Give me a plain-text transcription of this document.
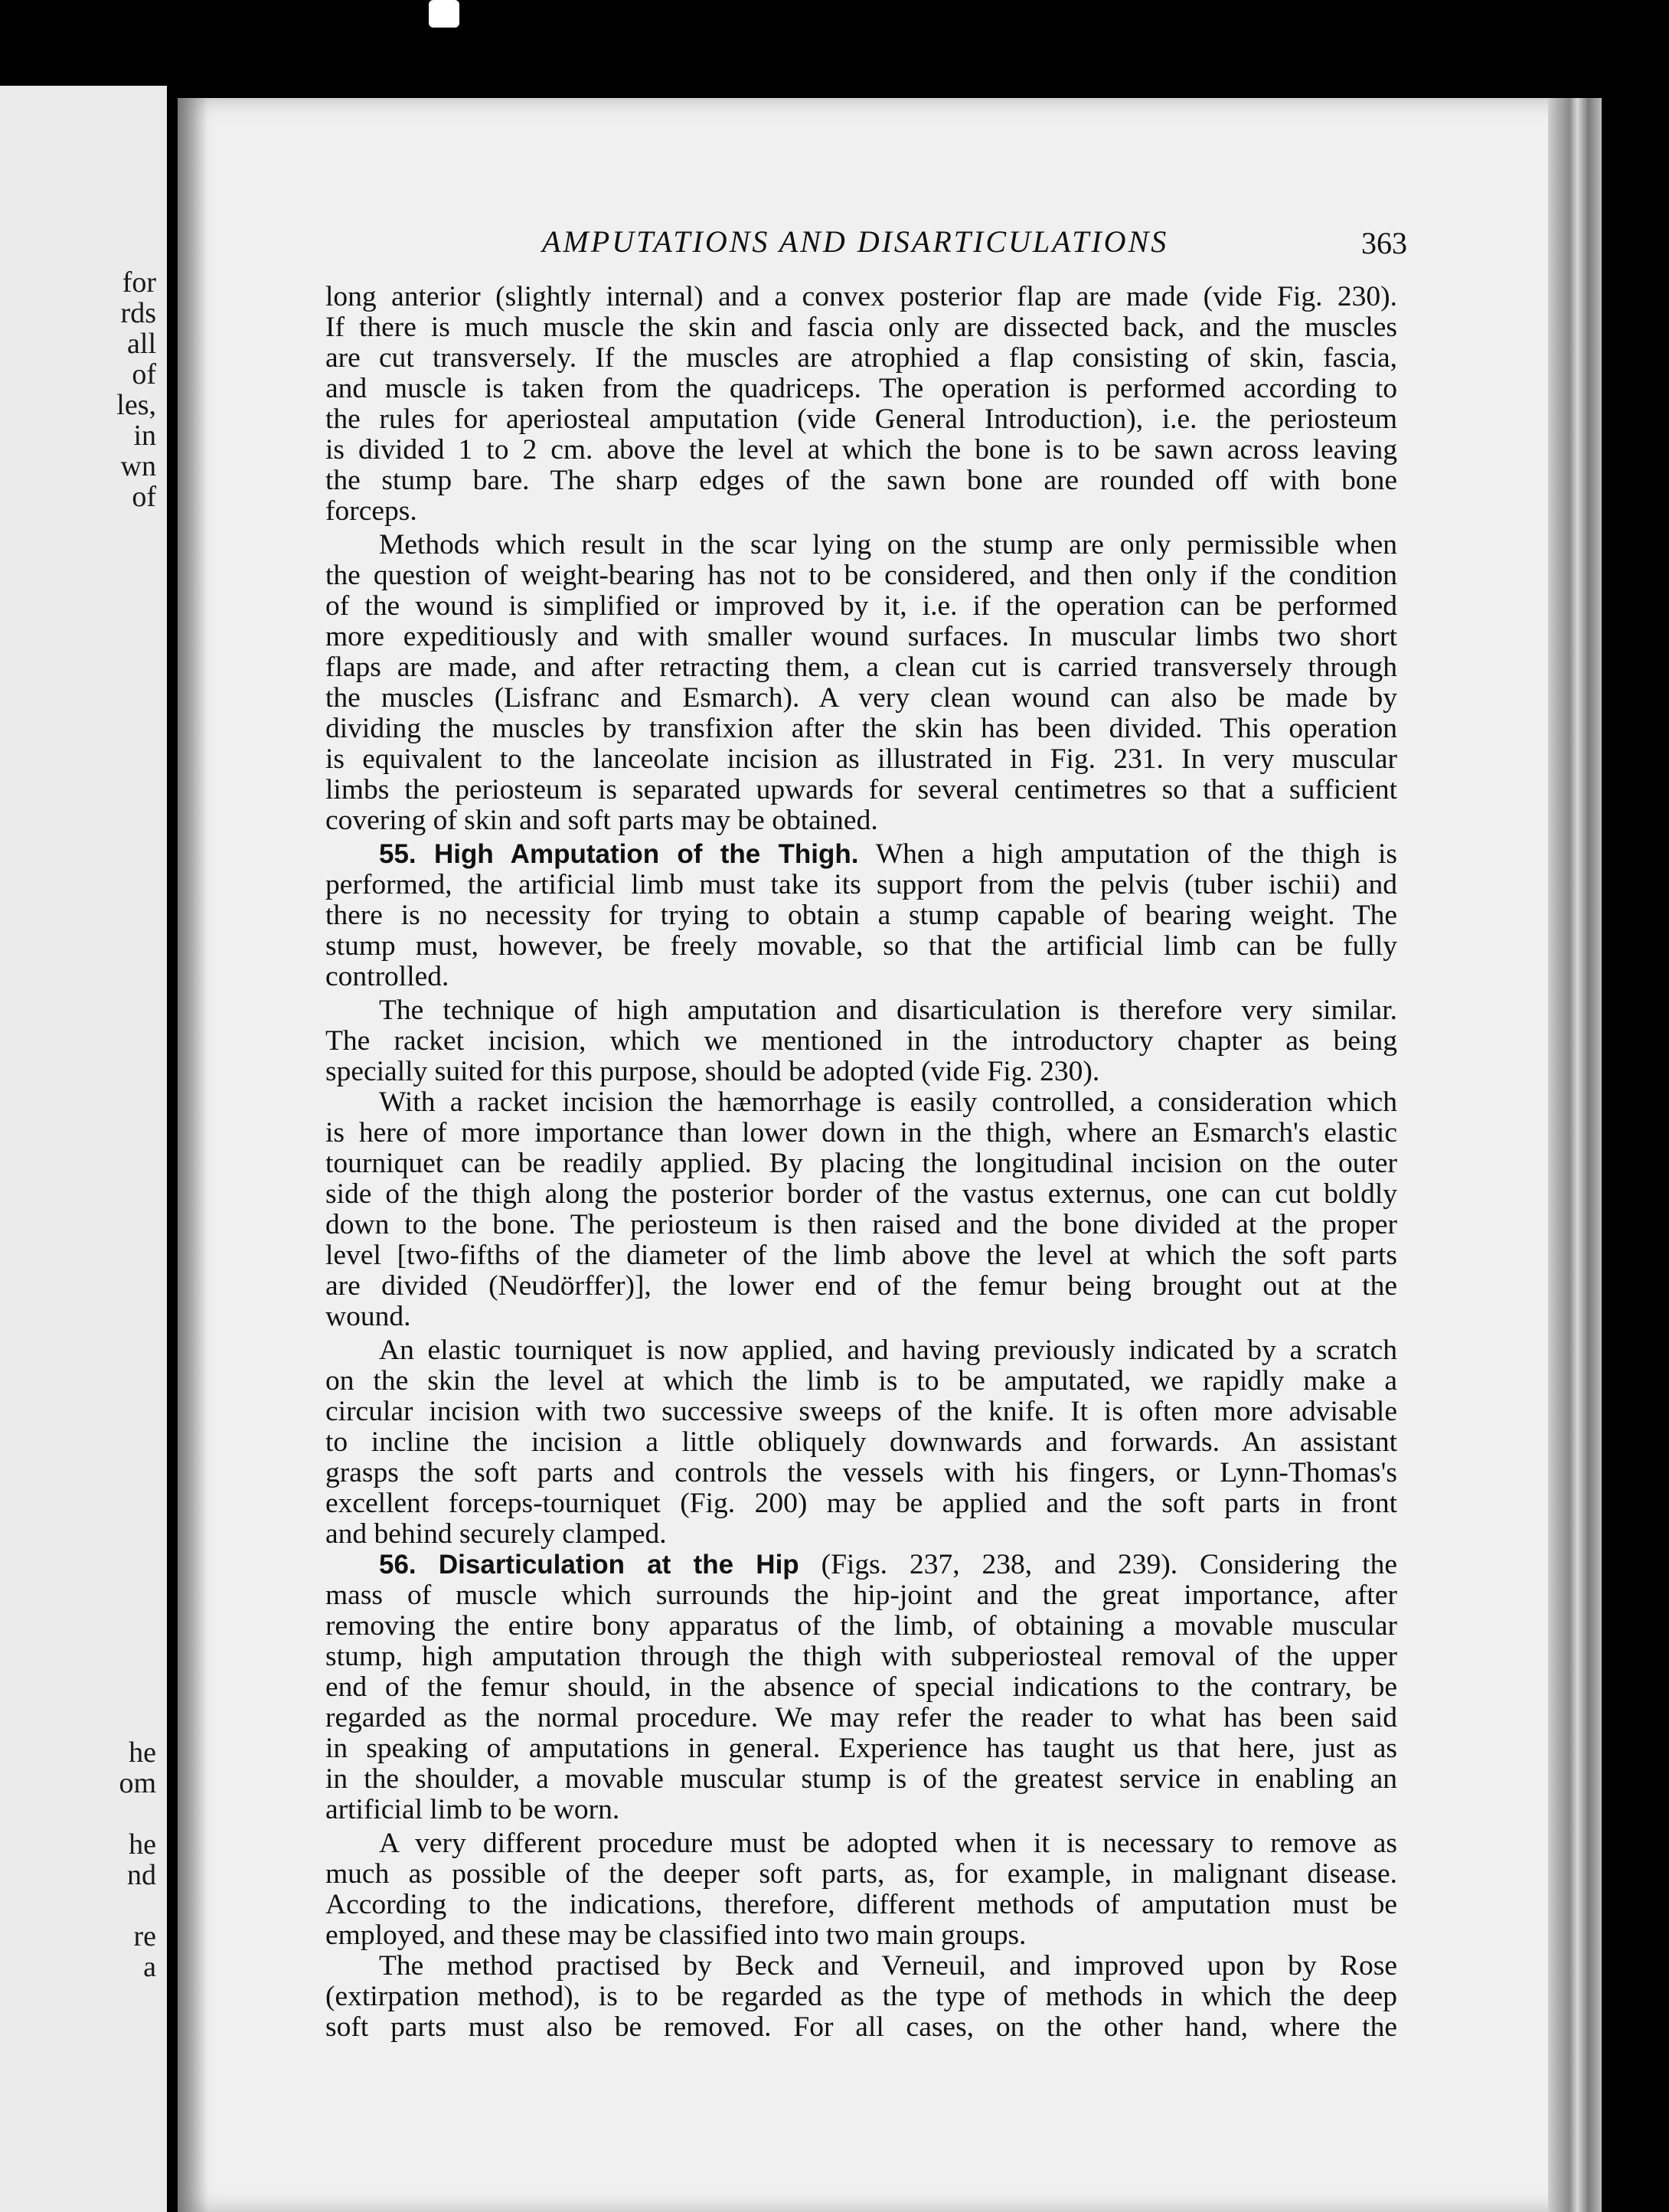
for
rds
all
of
les,
in
wn
of
he
om
he
nd
re
a
AMPUTATIONS AND DISARTICULATIONS	363

long anterior (slightly internal) and a convex posterior flap are made (vide Fig. 230).

If there is much muscle the skin and fascia only are dissected back, and the muscles

are cut transversely. If the muscles are atrophied a flap consisting of skin, fascia,

and muscle is taken from the quadriceps. The operation is performed according to

the rules for aperiosteal amputation (vide General Introduction), i.e. the periosteum

is divided 1 to 2 cm. above the level at which the bone is to be sawn across leaving

the stump bare. The sharp edges of the sawn bone are rounded off with bone

forceps.

Methods which result in the scar lying on the stump are only permissible when

the question of weight-bearing has not to be considered, and then only if the condition

of the wound is simplified or improved by it, i.e. if the operation can be performed

more expeditiously and with smaller wound surfaces. In muscular limbs two short

flaps are made, and after retracting them, a clean cut is carried transversely through

the muscles (Lisfranc and Esmarch). A very clean wound can also be made by

dividing the muscles by transfixion after the skin has been divided. This operation

is equivalent to the lanceolate incision as illustrated in Fig. 231. In very muscular

limbs the periosteum is separated upwards for several centimetres so that a sufficient

covering of skin and soft parts may be obtained.

55. High Amputation of the Thigh. When a high amputation of the thigh is

performed, the artificial limb must take its support from the pelvis (tuber ischii) and

there is no necessity for trying to obtain a stump capable of bearing weight. The

stump must, however, be freely movable, so that the artificial limb can be fully

controlled.

The technique of high amputation and disarticulation is therefore very similar.

The racket incision, which we mentioned in the introductory chapter as being

specially suited for this purpose, should be adopted (vide Fig. 230).

With a racket incision the hæmorrhage is easily controlled, a consideration which

is here of more importance than lower down in the thigh, where an Esmarch's elastic

tourniquet can be readily applied. By placing the longitudinal incision on the outer

side of the thigh along the posterior border of the vastus externus, one can cut boldly

down to the bone. The periosteum is then raised and the bone divided at the proper

level [two-fifths of the diameter of the limb above the level at which the soft parts

are divided (Neudörffer)], the lower end of the femur being brought out at the

wound.

An elastic tourniquet is now applied, and having previously indicated by a scratch

on the skin the level at which the limb is to be amputated, we rapidly make a

circular incision with two successive sweeps of the knife. It is often more advisable

to incline the incision a little obliquely downwards and forwards. An assistant

grasps the soft parts and controls the vessels with his fingers, or Lynn-Thomas's

excellent forceps-tourniquet (Fig. 200) may be applied and the soft parts in front

and behind securely clamped.

56. Disarticulation at the Hip (Figs. 237, 238, and 239). Considering the

mass of muscle which surrounds the hip-joint and the great importance, after

removing the entire bony apparatus of the limb, of obtaining a movable muscular

stump, high amputation through the thigh with subperiosteal removal of the upper

end of the femur should, in the absence of special indications to the contrary, be

regarded as the normal procedure. We may refer the reader to what has been said

in speaking of amputations in general. Experience has taught us that here, just as

in the shoulder, a movable muscular stump is of the greatest service in enabling an

artificial limb to be worn.

A very different procedure must be adopted when it is necessary to remove as

much as possible of the deeper soft parts, as, for example, in malignant disease.

According to the indications, therefore, different methods of amputation must be

employed, and these may be classified into two main groups.

The method practised by Beck and Verneuil, and improved upon by Rose

(extirpation method), is to be regarded as the type of methods in which the deep

soft parts must also be removed. For all cases, on the other hand, where the
